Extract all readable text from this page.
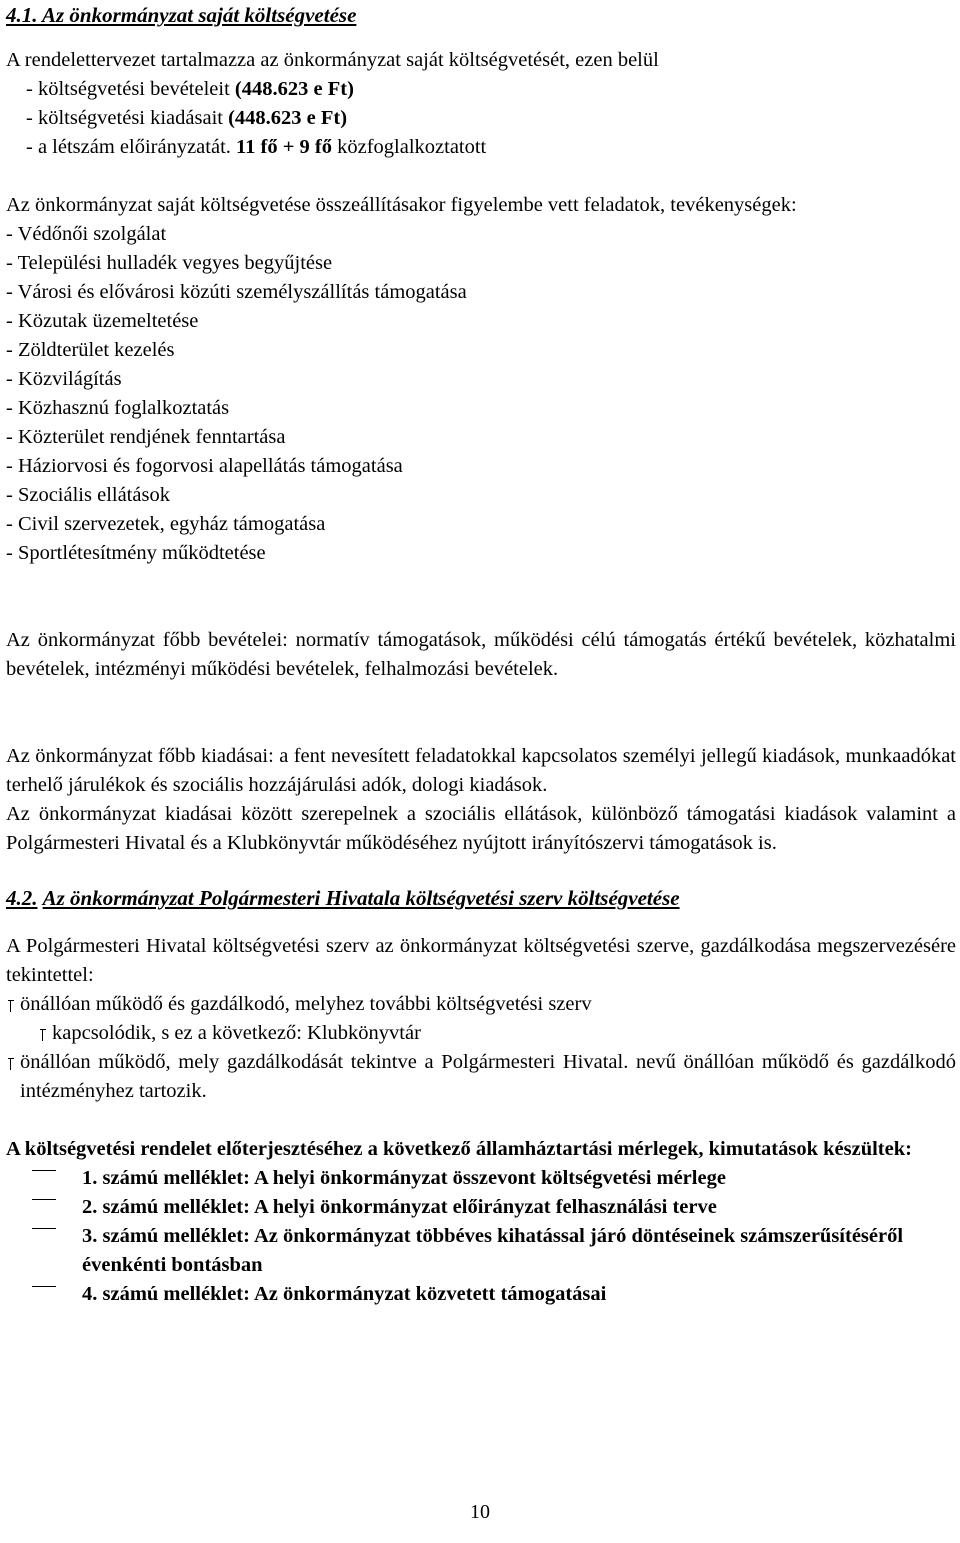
4.1. Az önkormányzat saját költségvetése

A rendelettervezet tartalmazza az önkormányzat saját költségvetését, ezen belül
- költségvetési bevételeit (448.623 e Ft)
- költségvetési kiadásait (448.623 e Ft)
- a létszám előirányzatát. 11 fő + 9 fő közfoglalkoztatott
Az önkormányzat saját költségvetése összeállításakor figyelembe vett feladatok, tevékenységek:
- Védőnői szolgálat
- Települési hulladék vegyes begyűjtése
- Városi és elővárosi közúti személyszállítás támogatása
- Közutak üzemeltetése
- Zöldterület kezelés
- Közvilágítás
- Közhasznú foglalkoztatás
- Közterület rendjének fenntartása
- Háziorvosi és fogorvosi alapellátás támogatása
- Szociális ellátások
- Civil szervezetek, egyház támogatása
- Sportlétesítmény működtetése
Az önkormányzat főbb bevételei: normatív támogatások, működési célú támogatás értékű bevételek, közhatalmi bevételek, intézményi működési bevételek, felhalmozási bevételek.
Az önkormányzat főbb kiadásai: a fent nevesített feladatokkal kapcsolatos személyi jellegű kiadások, munkaadókat terhelő járulékok és szociális hozzájárulási adók, dologi kiadások.
Az önkormányzat kiadásai között szerepelnek a szociális ellátások, különböző támogatási kiadások valamint a Polgármesteri Hivatal és a Klubkönyvtár működéséhez nyújtott irányítószervi támogatások is.
4.2. Az önkormányzat Polgármesteri Hivatala költségvetési szerv költségvetése
A Polgármesteri Hivatal költségvetési szerv az önkormányzat költségvetési szerve, gazdálkodása megszervezésére tekintettel:
önállóan működő és gazdálkodó, melyhez további költségvetési szerv
kapcsolódik, s ez a következő: Klubkönyvtár
önállóan működő, mely gazdálkodását tekintve a Polgármesteri Hivatal. nevű önállóan működő és gazdálkodó intézményhez tartozik.
A költségvetési rendelet előterjesztéséhez a következő államháztartási mérlegek, kimutatások készültek:
1. számú melléklet: A helyi önkormányzat összevont költségvetési mérlege
2. számú melléklet: A helyi önkormányzat előirányzat felhasználási terve
3. számú melléklet: Az önkormányzat többéves kihatással járó döntéseinek számszerűsítéséről évenkénti bontásban
4. számú melléklet: Az önkormányzat közvetett támogatásai
10
